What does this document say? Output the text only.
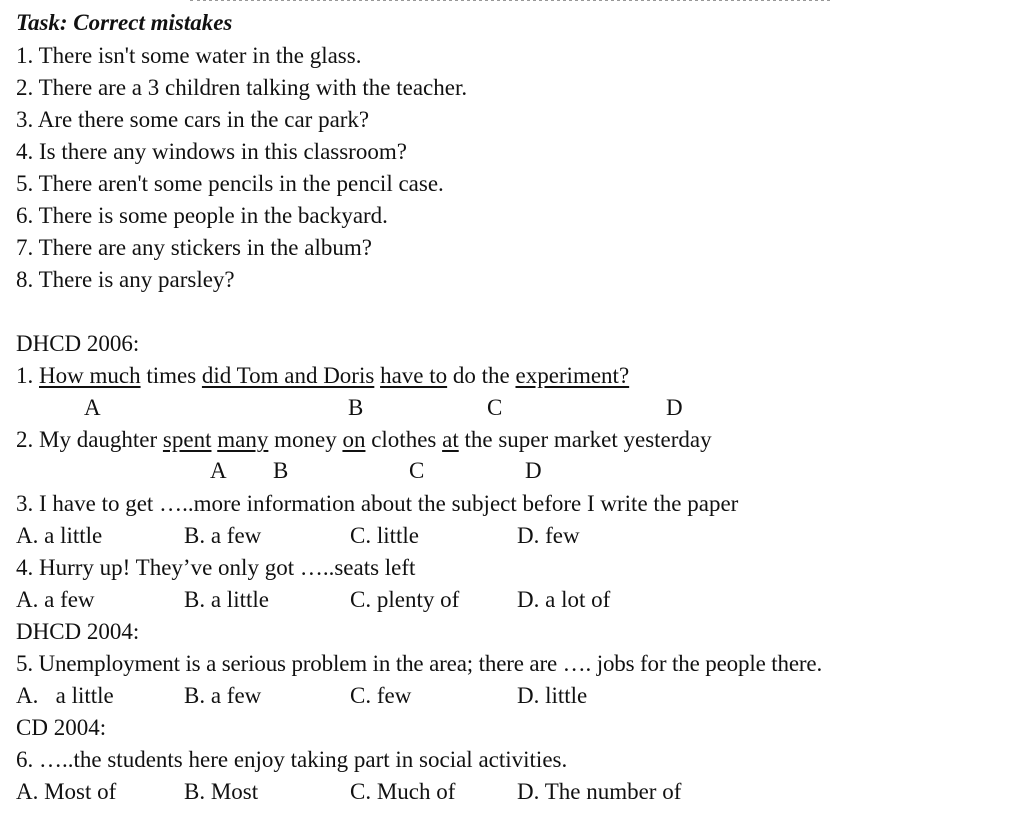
Task: Correct mistakes
1. There isn't some water in the glass.
2. There are a 3 children talking with the teacher.
3. Are there some cars in the car park?
4. Is there any windows in this classroom?
5. There aren't some pencils in the pencil case.
6. There is some people in the backyard.
7. There are any stickers in the album?
8. There is any parsley?
DHCD 2006:
1. How much times did Tom and Doris have to do the experiment?
A	B	C	D
2. My daughter spent many money on clothes at the super market yesterday
A B	C	D
3. I have to get …..more information about the subject before I write the paper
A. a little	B. a few	C. little	D. few
4. Hurry up! They’ve only got …..seats left
A. a few	B. a little	C. plenty of	D. a lot of
DHCD 2004:
5. Unemployment is a serious problem in the area; there are …. jobs for the people there.
A.   a little	B. a few	C. few	D. little
CD 2004:
6. …..the students here enjoy taking part in social activities.
A. Most of	B. Most	C. Much of	D. The number of
